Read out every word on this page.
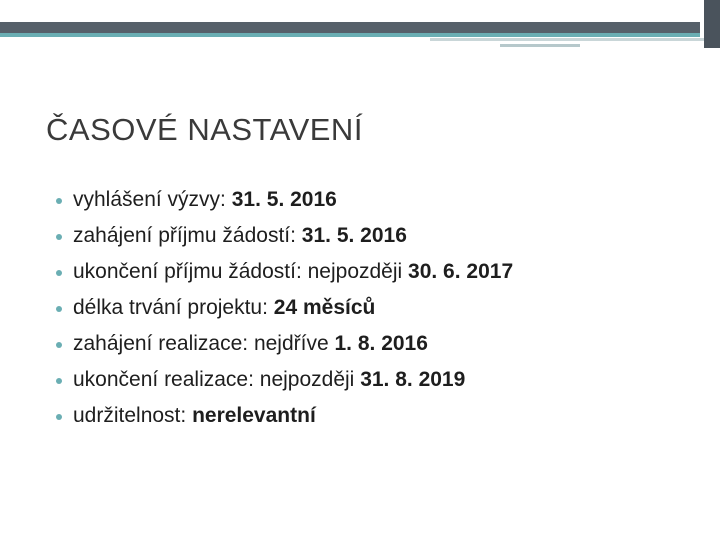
ČASOVÉ NASTAVENÍ
vyhlášení výzvy: 31. 5. 2016
zahájení příjmu žádostí: 31. 5. 2016
ukončení příjmu žádostí: nejpozději 30. 6. 2017
délka trvání projektu: 24 měsíců
zahájení realizace: nejdříve 1. 8. 2016
ukončení realizace: nejpozději 31. 8. 2019
udržitelnost: nerelevantní
